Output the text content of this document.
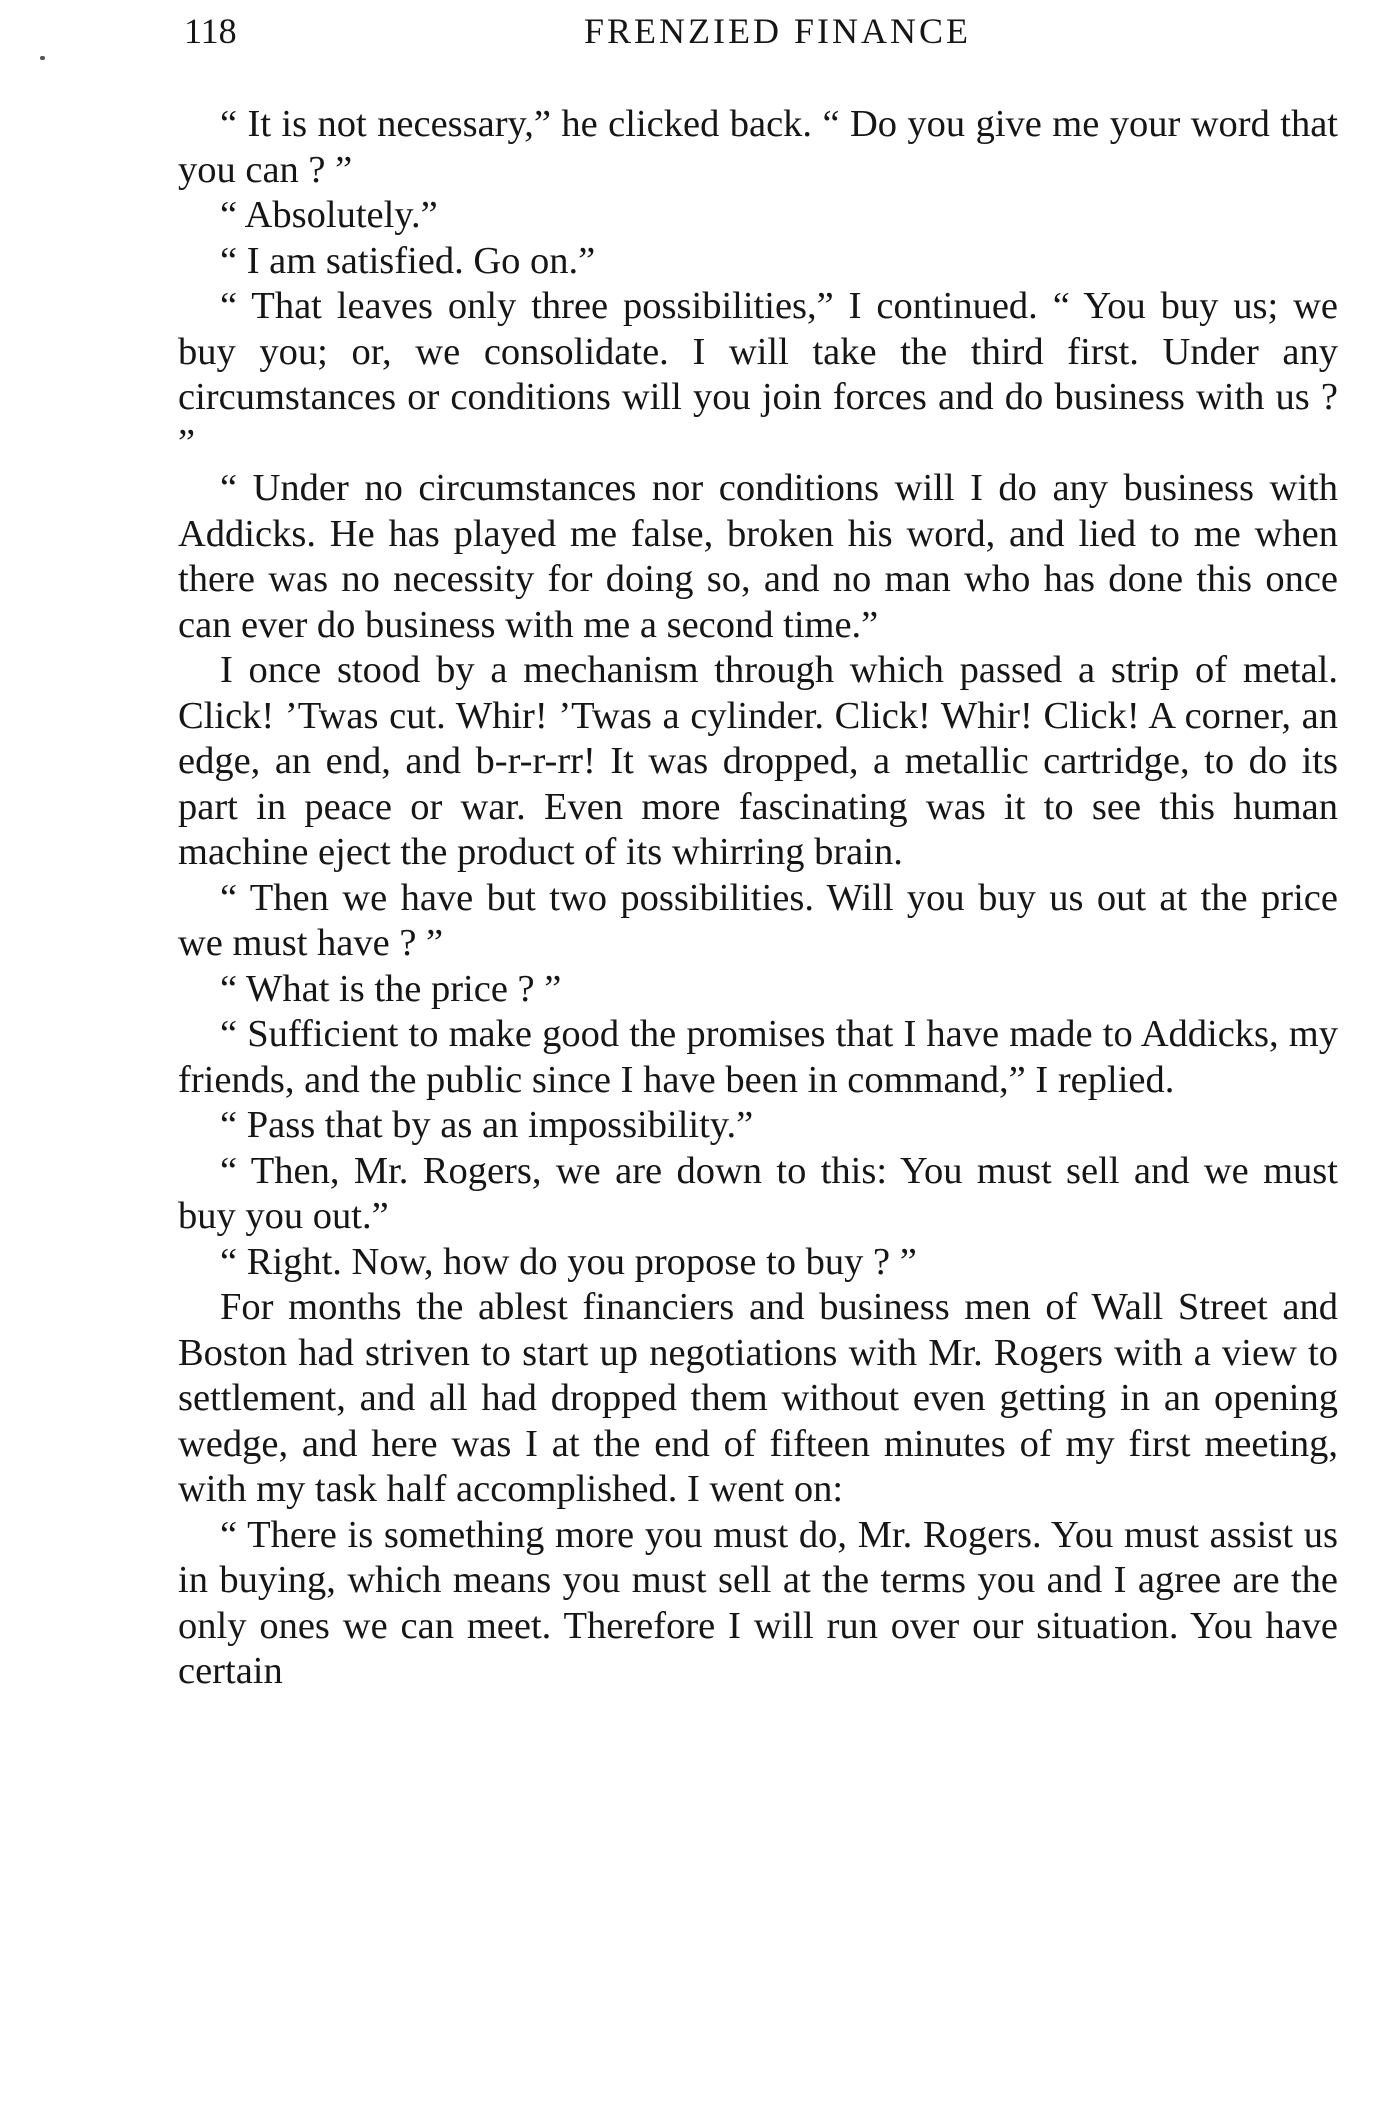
118	FRENZIED FINANCE

“ It is not necessary,” he clicked back. “ Do you give me your word that you can ? ”

“ Absolutely.”

“ I am satisfied. Go on.”

“ That leaves only three possibilities,” I continued. “ You buy us; we buy you; or, we consolidate. I will take the third first. Under any circumstances or conditions will you join forces and do business with us ? ”

“ Under no circumstances nor conditions will I do any business with Addicks. He has played me false, broken his word, and lied to me when there was no necessity for doing so, and no man who has done this once can ever do business with me a second time.”

I once stood by a mechanism through which passed a strip of metal. Click! ’Twas cut. Whir! ’Twas a cylinder. Click! Whir! Click! A corner, an edge, an end, and b-r-r-rr! It was dropped, a metallic cartridge, to do its part in peace or war. Even more fascinating was it to see this human machine eject the product of its whirring brain.

“ Then we have but two possibilities. Will you buy us out at the price we must have ? ”

“ What is the price ? ”

“ Sufficient to make good the promises that I have made to Addicks, my friends, and the public since I have been in command,” I replied.

“ Pass that by as an impossibility.”

“ Then, Mr. Rogers, we are down to this: You must sell and we must buy you out.”

“ Right. Now, how do you propose to buy ? ”

For months the ablest financiers and business men of Wall Street and Boston had striven to start up negotiations with Mr. Rogers with a view to settlement, and all had dropped them without even getting in an opening wedge, and here was I at the end of fifteen minutes of my first meeting, with my task half accomplished. I went on:

“ There is something more you must do, Mr. Rogers. You must assist us in buying, which means you must sell at the terms you and I agree are the only ones we can meet. Therefore I will run over our situation. You have certain
